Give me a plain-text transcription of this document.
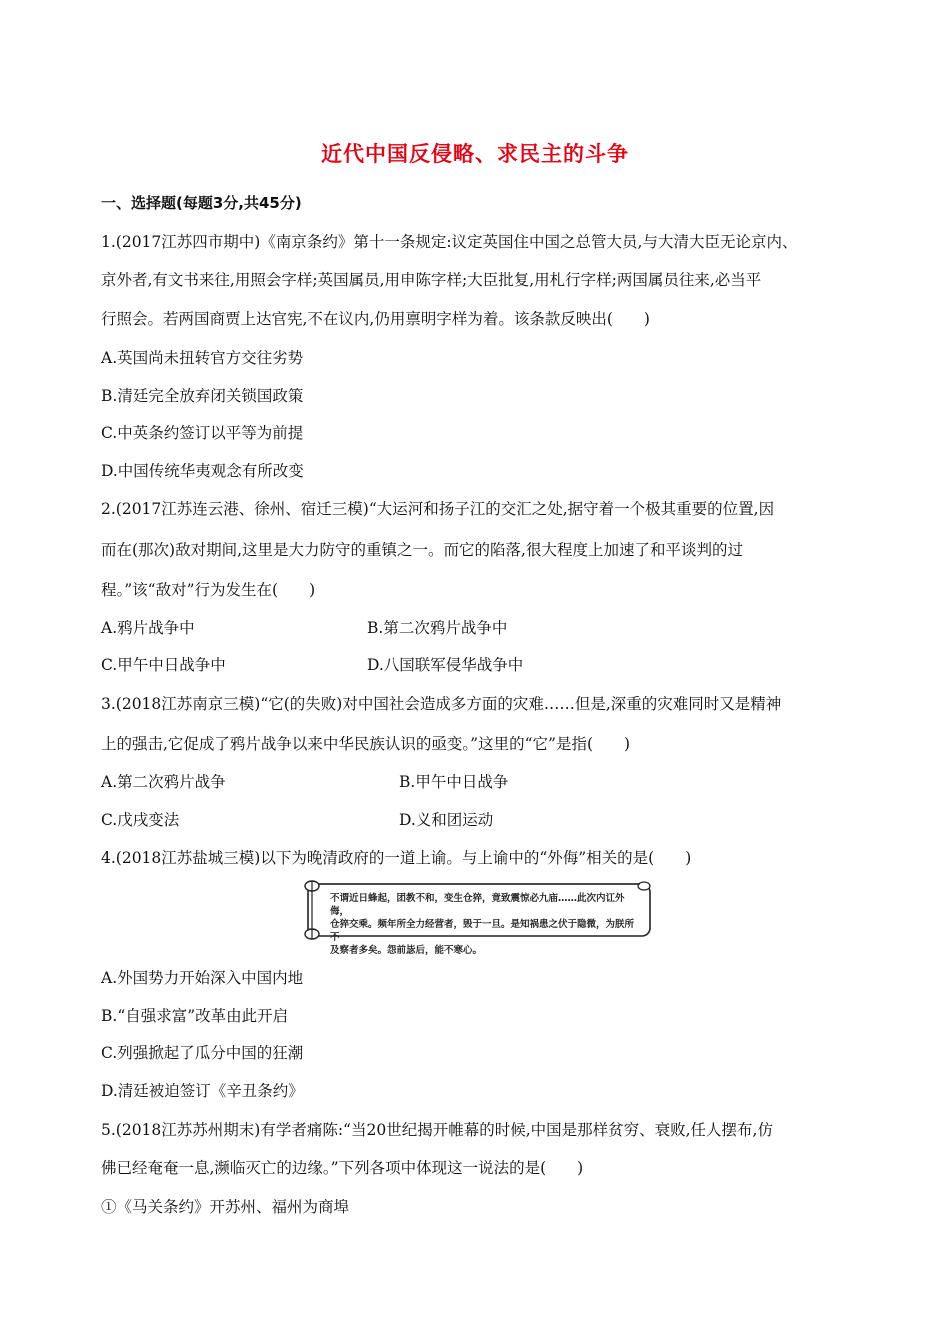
近代中国反侵略、求民主的斗争
一、选择题(每题3分,共45分)
1.(2017江苏四市期中)《南京条约》第十一条规定:议定英国住中国之总管大员,与大清大臣无论京内、
京外者,有文书来往,用照会字样;英国属员,用申陈字样;大臣批复,用札行字样;两国属员往来,必当平
行照会。若两国商贾上达官宪,不在议内,仍用禀明字样为着。该条款反映出(　　)
A.英国尚未扭转官方交往劣势
B.清廷完全放弃闭关锁国政策
C.中英条约签订以平等为前提
D.中国传统华夷观念有所改变
2.(2017江苏连云港、徐州、宿迁三模)“大运河和扬子江的交汇之处,据守着一个极其重要的位置,因
而在(那次)敌对期间,这里是大力防守的重镇之一。而它的陷落,很大程度上加速了和平谈判的过
程。”该“敌对”行为发生在(　　)
A.鸦片战争中	B.第二次鸦片战争中
C.甲午中日战争中	D.八国联军侵华战争中
3.(2018江苏南京三模)“它(的失败)对中国社会造成多方面的灾难……但是,深重的灾难同时又是精神
上的强击,它促成了鸦片战争以来中华民族认识的亟变。”这里的“它”是指(　　)
A.第二次鸦片战争	B.甲午中日战争
C.戊戌变法	D.义和团运动
4.(2018江苏盐城三模)以下为晚清政府的一道上谕。与上谕中的“外侮”相关的是(　　)
不谓近日蜂起，团教不和，变生仓猝，竟致震惊必九庙……此次内讧外侮，
仓猝交乘。频年所全力经营者，毁于一旦。是知祸患之伏于隐微，为朕所不
及察者多矣。怨前毖后，能不寒心。
A.外国势力开始深入中国内地
B.“自强求富”改革由此开启
C.列强掀起了瓜分中国的狂潮
D.清廷被迫签订《辛丑条约》
5.(2018江苏苏州期末)有学者痛陈:“当20世纪揭开帷幕的时候,中国是那样贫穷、衰败,任人摆布,仿
佛已经奄奄一息,濒临灭亡的边缘。”下列各项中体现这一说法的是(　　)
①《马关条约》开苏州、福州为商埠
